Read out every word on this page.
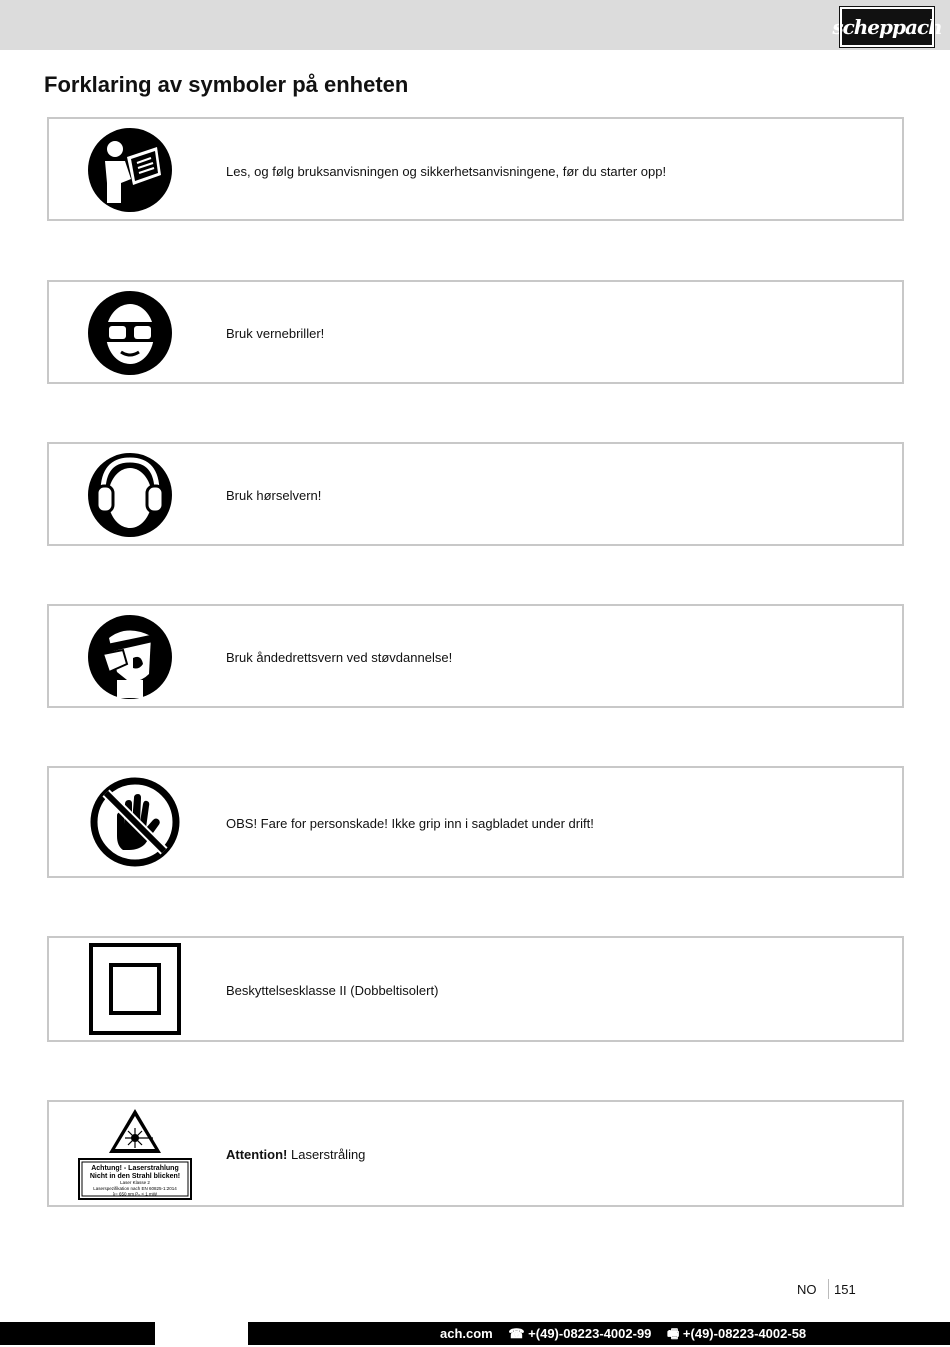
scheppach
Forklaring av symboler på enheten
Les, og følg bruksanvisningen og sikkerhetsanvisningene, før du starter opp!
Bruk vernebriller!
Bruk hørselvern!
Bruk åndedrettsvern ved støvdannelse!
OBS! Fare for personskade! Ikke grip inn i sagbladet under drift!
Beskyttelsesklasse II (Dobbeltisolert)
Achtung! - Laserstrahlung
Nicht in den Strahl blicken!
Laser Klasse 2
Laserspezifikation nach EN 60825-1:2014
λ= 650 nm P₀ < 1 mW
Attention! Laserstråling
NO 151
ach.com ☎ +(49)-08223-4002-99 🖷 +(49)-08223-4002-58
